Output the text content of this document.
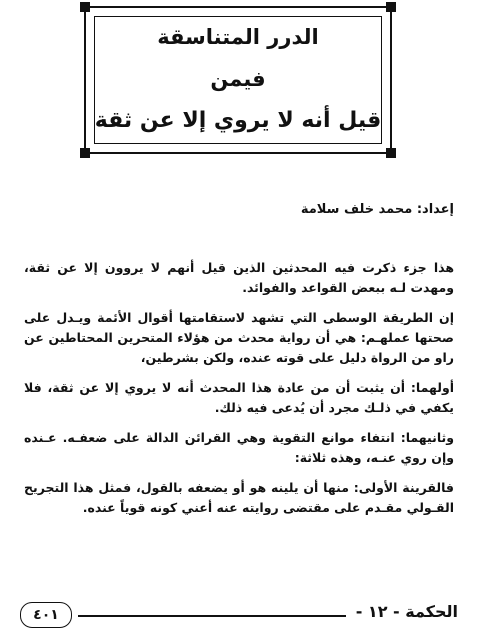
الدرر المتناسقة
فيمن
قيل أنه لا يروي إلا عن ثقة
إعداد: محمد خلف سلامة

هذا جزء ذكرت فيه المحدثين الذين قيل أنهم لا يروون إلا عن ثقة، ومهدت لـه ببعض القواعد والفوائد.

إن الطريقة الوسطى التي تشهد لاستقامتها أقوال الأئمة ويـدل على صحتها عملهـم: هي أن رواية محدث من هؤلاء المتحرين المحتاطين عن راو من الرواة دليل على قوته عنده، ولكن بشرطين،

أولهما: أن يثبت أن من عادة هذا المحدث أنه لا يروي إلا عن ثقة، فلا يكفي في ذلـك مجرد أن يُدعى فيه ذلك.

وثانيهما: انتفاء موانع التقوية وهي القرائن الدالة على ضعفـه. عـنده وإن روي عنـه، وهذه ثلاثة:

فالقرينة الأولى: منها أن يلينه هو أو يضعفه بالقول، فمثل هذا التجريح القـولي مقـدم على مقتضى روايته عنه أعني كونه قوياً عنده.

الحكمة - ١٢ -
٤٠١
